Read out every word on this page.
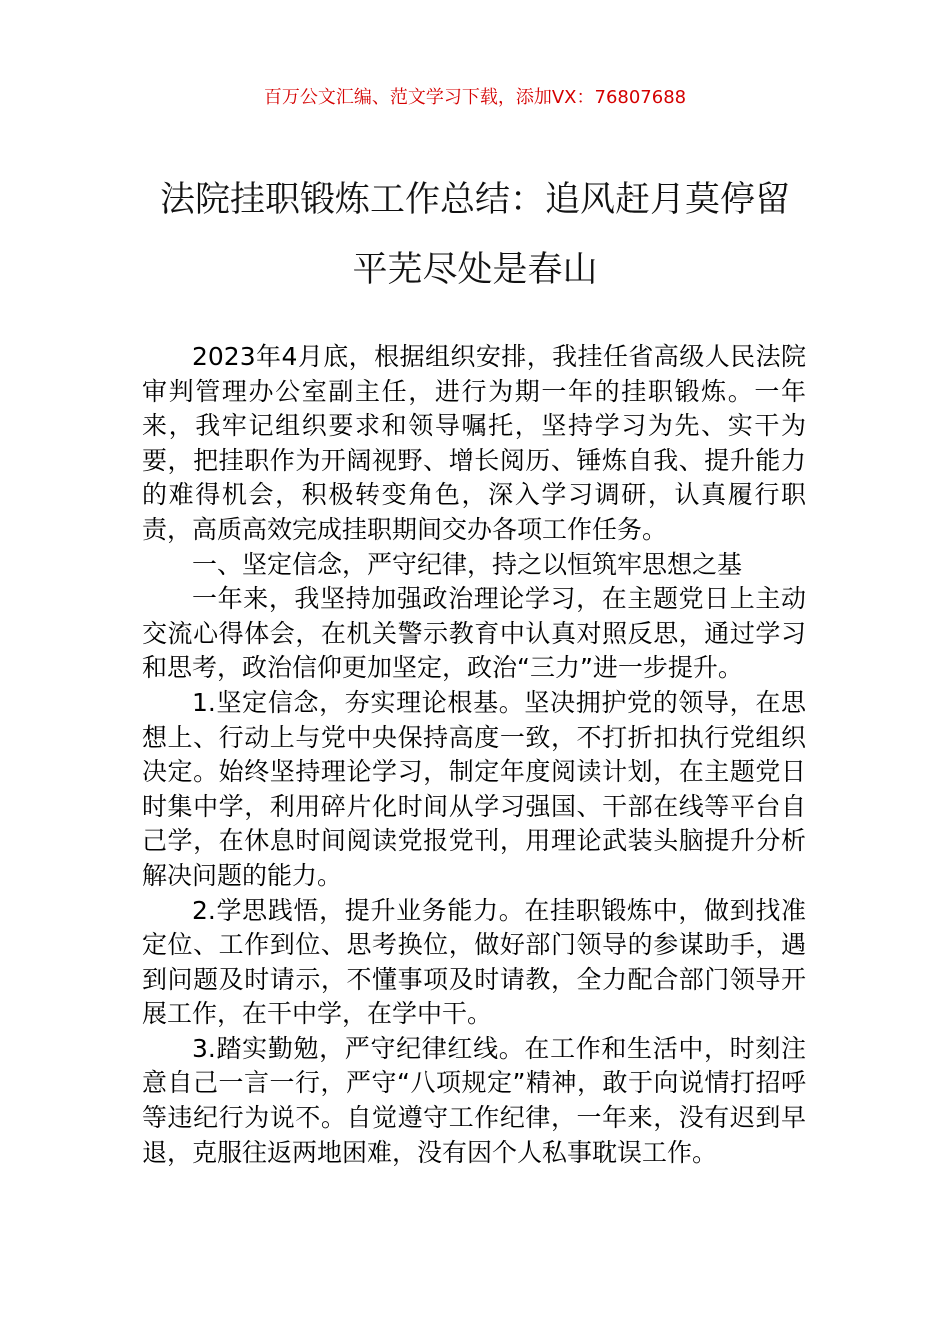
百万公文汇编、范文学习下载，添加VX：76807688
法院挂职锻炼工作总结：追风赶月莫停留
平芜尽处是春山

2023年4月底，根据组织安排，我挂任省高级人民法院审判管理办公室副主任，进行为期一年的挂职锻炼。一年来，我牢记组织要求和领导嘱托，坚持学习为先、实干为要，把挂职作为开阔视野、增长阅历、锤炼自我、提升能力的难得机会，积极转变角色，深入学习调研，认真履行职责，高质高效完成挂职期间交办各项工作任务。

一、坚定信念，严守纪律，持之以恒筑牢思想之基

一年来，我坚持加强政治理论学习，在主题党日上主动交流心得体会，在机关警示教育中认真对照反思，通过学习和思考，政治信仰更加坚定，政治“三力”进一步提升。

1.坚定信念，夯实理论根基。坚决拥护党的领导，在思想上、行动上与党中央保持高度一致，不打折扣执行党组织决定。始终坚持理论学习，制定年度阅读计划，在主题党日时集中学，利用碎片化时间从学习强国、干部在线等平台自己学，在休息时间阅读党报党刊，用理论武装头脑提升分析解决问题的能力。

2.学思践悟，提升业务能力。在挂职锻炼中，做到找准定位、工作到位、思考换位，做好部门领导的参谋助手，遇到问题及时请示，不懂事项及时请教，全力配合部门领导开展工作，在干中学，在学中干。

3.踏实勤勉，严守纪律红线。在工作和生活中，时刻注意自己一言一行，严守“八项规定”精神，敢于向说情打招呼等违纪行为说不。自觉遵守工作纪律，一年来，没有迟到早退，克服往返两地困难，没有因个人私事耽误工作。
